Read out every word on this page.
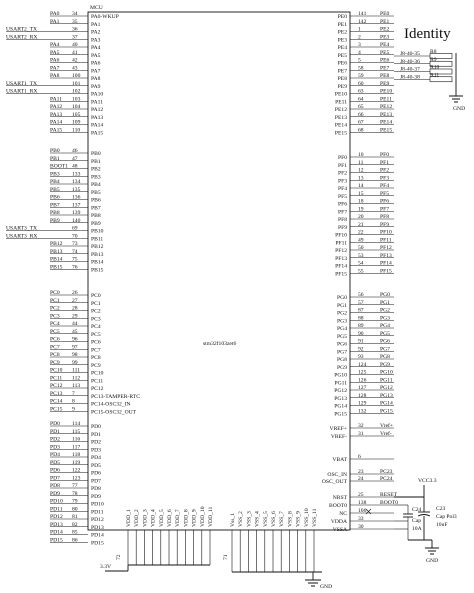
MCU
stm32f103zet6
Identity
PA0 34 PA0-WKUP
PA1 35 PA1
USART2_TX	36 PA2
USART2_RX	37 PA3
PA4 40 PA4
PA5 41 PA5
PA6 42 PA6
PA7 43 PA7
PA8 100 PA8
USART1_TX	101 PA9
USART1_RX	102 PA10
PA11 103 PA11
PA12 104 PA12
PA13 105 PA13
PA14 109 PA14
PA15 110 PA15
PB0 46 PB0
PB1 47 PB1
BOOT1 48 PB2
PB3 133 PB3
PB4 134 PB4
PB5 135 PB5
PB6 136 PB6
PB7 137 PB7
PB8 139 PB8
PB9 140 PB9
USART3_TX	69 PB10
USART3_RX	70 PB11
PB12 73 PB12
PB13 74 PB13
PB14 75 PB14
PB15 76 PB15
PC0 26 PC0
PC1 27 PC1
PC2 28 PC2
PC3 29 PC3
PC4 44 PC4
PC5 45 PC5
PC6 96 PC6
PC7 97 PC7
PC8 98 PC8
PC9 99 PC9
PC10 111 PC10
PC11 112 PC11
PC12 113 PC12
PC13 7	PC13-TAMPER-RTC
PC14 8	PC14-OSC32_IN
PC15 9	PC15-OSC32_OUT
PD0 114 PD0
PD1 115 PD1
PD2 116 PD2
PD3 117 PD3
PD4 118 PD4
PD5 119 PD5
PD6 122 PD6
PD7 123 PD7
PD8 77 PD8
PD9 78 PD9
PD10 79 PD10
PD11 80 PD11
PD12 81 PD12
PD13 82 PD13
PD14 85 PD14
PD15 86 PD15
PE0 141 PE0
PE1 142 PE1
PE2 1	PE2
PE3 2	PE3
PE4 3	PE4
PE5 4	PE5
PE6 5	PE6
PE7 58	PE7
PE8 59	PE8
PE9 60	PE9
PE10 63	PE10
PE11 64	PE11
PE12 65	PE12
PE13 66	PE13
PE14 67	PE14
PE15 68	PE15
PF0 10	PF0
PF1 11	PF1
PF2 12	PF2
PF3 13	PF3
PF4 14	PF4
PF5 15	PF5
PF6 18	PF6
PF7 19	PF7
PF8 20	PF8
PF9 21	PF9
PF10 22	PF10
PF11 49	PF11
PF12 50	PF12
PF13 53	PF13
PF14 54	PF14
PF15 55	PF15
PG0 56	PG0
PG1 57	PG1
PG2 87	PG2
PG3 88	PG3
PG4 89	PG4
PG5 90	PG5
PG6 91	PG6
PG7 92	PG7
PG8 93	PG8
PG9 124 PG9
PG10 125 PG10
PG11 126 PG11
PG12 127 PG12
PG13 128 PG13
PG14 129 PG14
PG15 132 PG15
VREF+ 32	Vref+
VREF- 31	Vref-
VBAT 6
OSC_IN 23	PC23
OSC_OUT 24	PC24
NRST 25	RESET
BOOT0 138 BOOT0
NC 106
VDDA 33
VSSA 30
VDD_1 VDD_2 VDD_3 VDD_4 VDD_5 VDD_6 VDD_7 VDD_8 VDD_9 VDD_10 VDD_11
3.3V
72
Vss_1 VSS_2 VSS_3 VSS_4 VSS_5 VSS_6 VSS_7 VSS_8 VSS_9 VSS_10 VSS_11
GND
71
J8-40-35 R8
J8-40-36 R9
J8-40-37 R10
J8-40-38 R11
GND
VCC3.3
C23
Cap Pol3
10uF
C24
Cap
10A
GND
